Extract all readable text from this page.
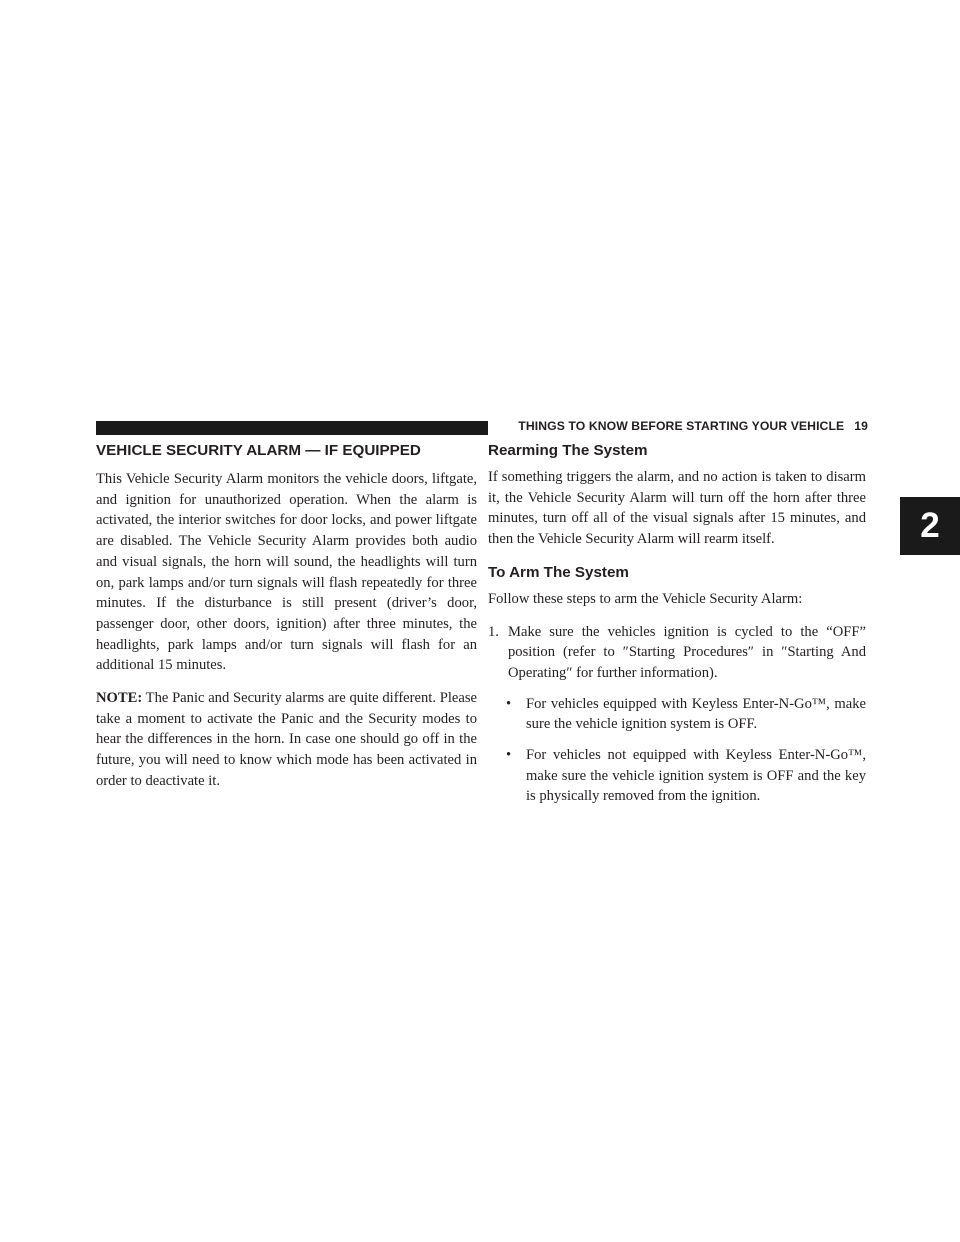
THINGS TO KNOW BEFORE STARTING YOUR VEHICLE 19
2
VEHICLE SECURITY ALARM — IF EQUIPPED

This Vehicle Security Alarm monitors the vehicle doors, liftgate, and ignition for unauthorized operation. When the alarm is activated, the interior switches for door locks, and power liftgate are disabled. The Vehicle Security Alarm provides both audio and visual signals, the horn will sound, the headlights will turn on, park lamps and/or turn signals will flash repeatedly for three minutes. If the disturbance is still present (driver’s door, passenger door, other doors, ignition) after three minutes, the headlights, park lamps and/or turn signals will flash for an additional 15 minutes.

NOTE: The Panic and Security alarms are quite different. Please take a moment to activate the Panic and the Security modes to hear the differences in the horn. In case one should go off in the future, you will need to know which mode has been activated in order to deactivate it.

Rearming The System

If something triggers the alarm, and no action is taken to disarm it, the Vehicle Security Alarm will turn off the horn after three minutes, turn off all of the visual signals after 15 minutes, and then the Vehicle Security Alarm will rearm itself.

To Arm The System

Follow these steps to arm the Vehicle Security Alarm:

1. Make sure the vehicles ignition is cycled to the “OFF” position (refer to ″Starting Procedures″ in ″Starting And Operating″ for further information).
•	For vehicles equipped with Keyless Enter-N-Go™, make sure the vehicle ignition system is OFF.
•	For vehicles not equipped with Keyless Enter-N-Go™, make sure the vehicle ignition system is OFF and the key is physically removed from the ignition.
